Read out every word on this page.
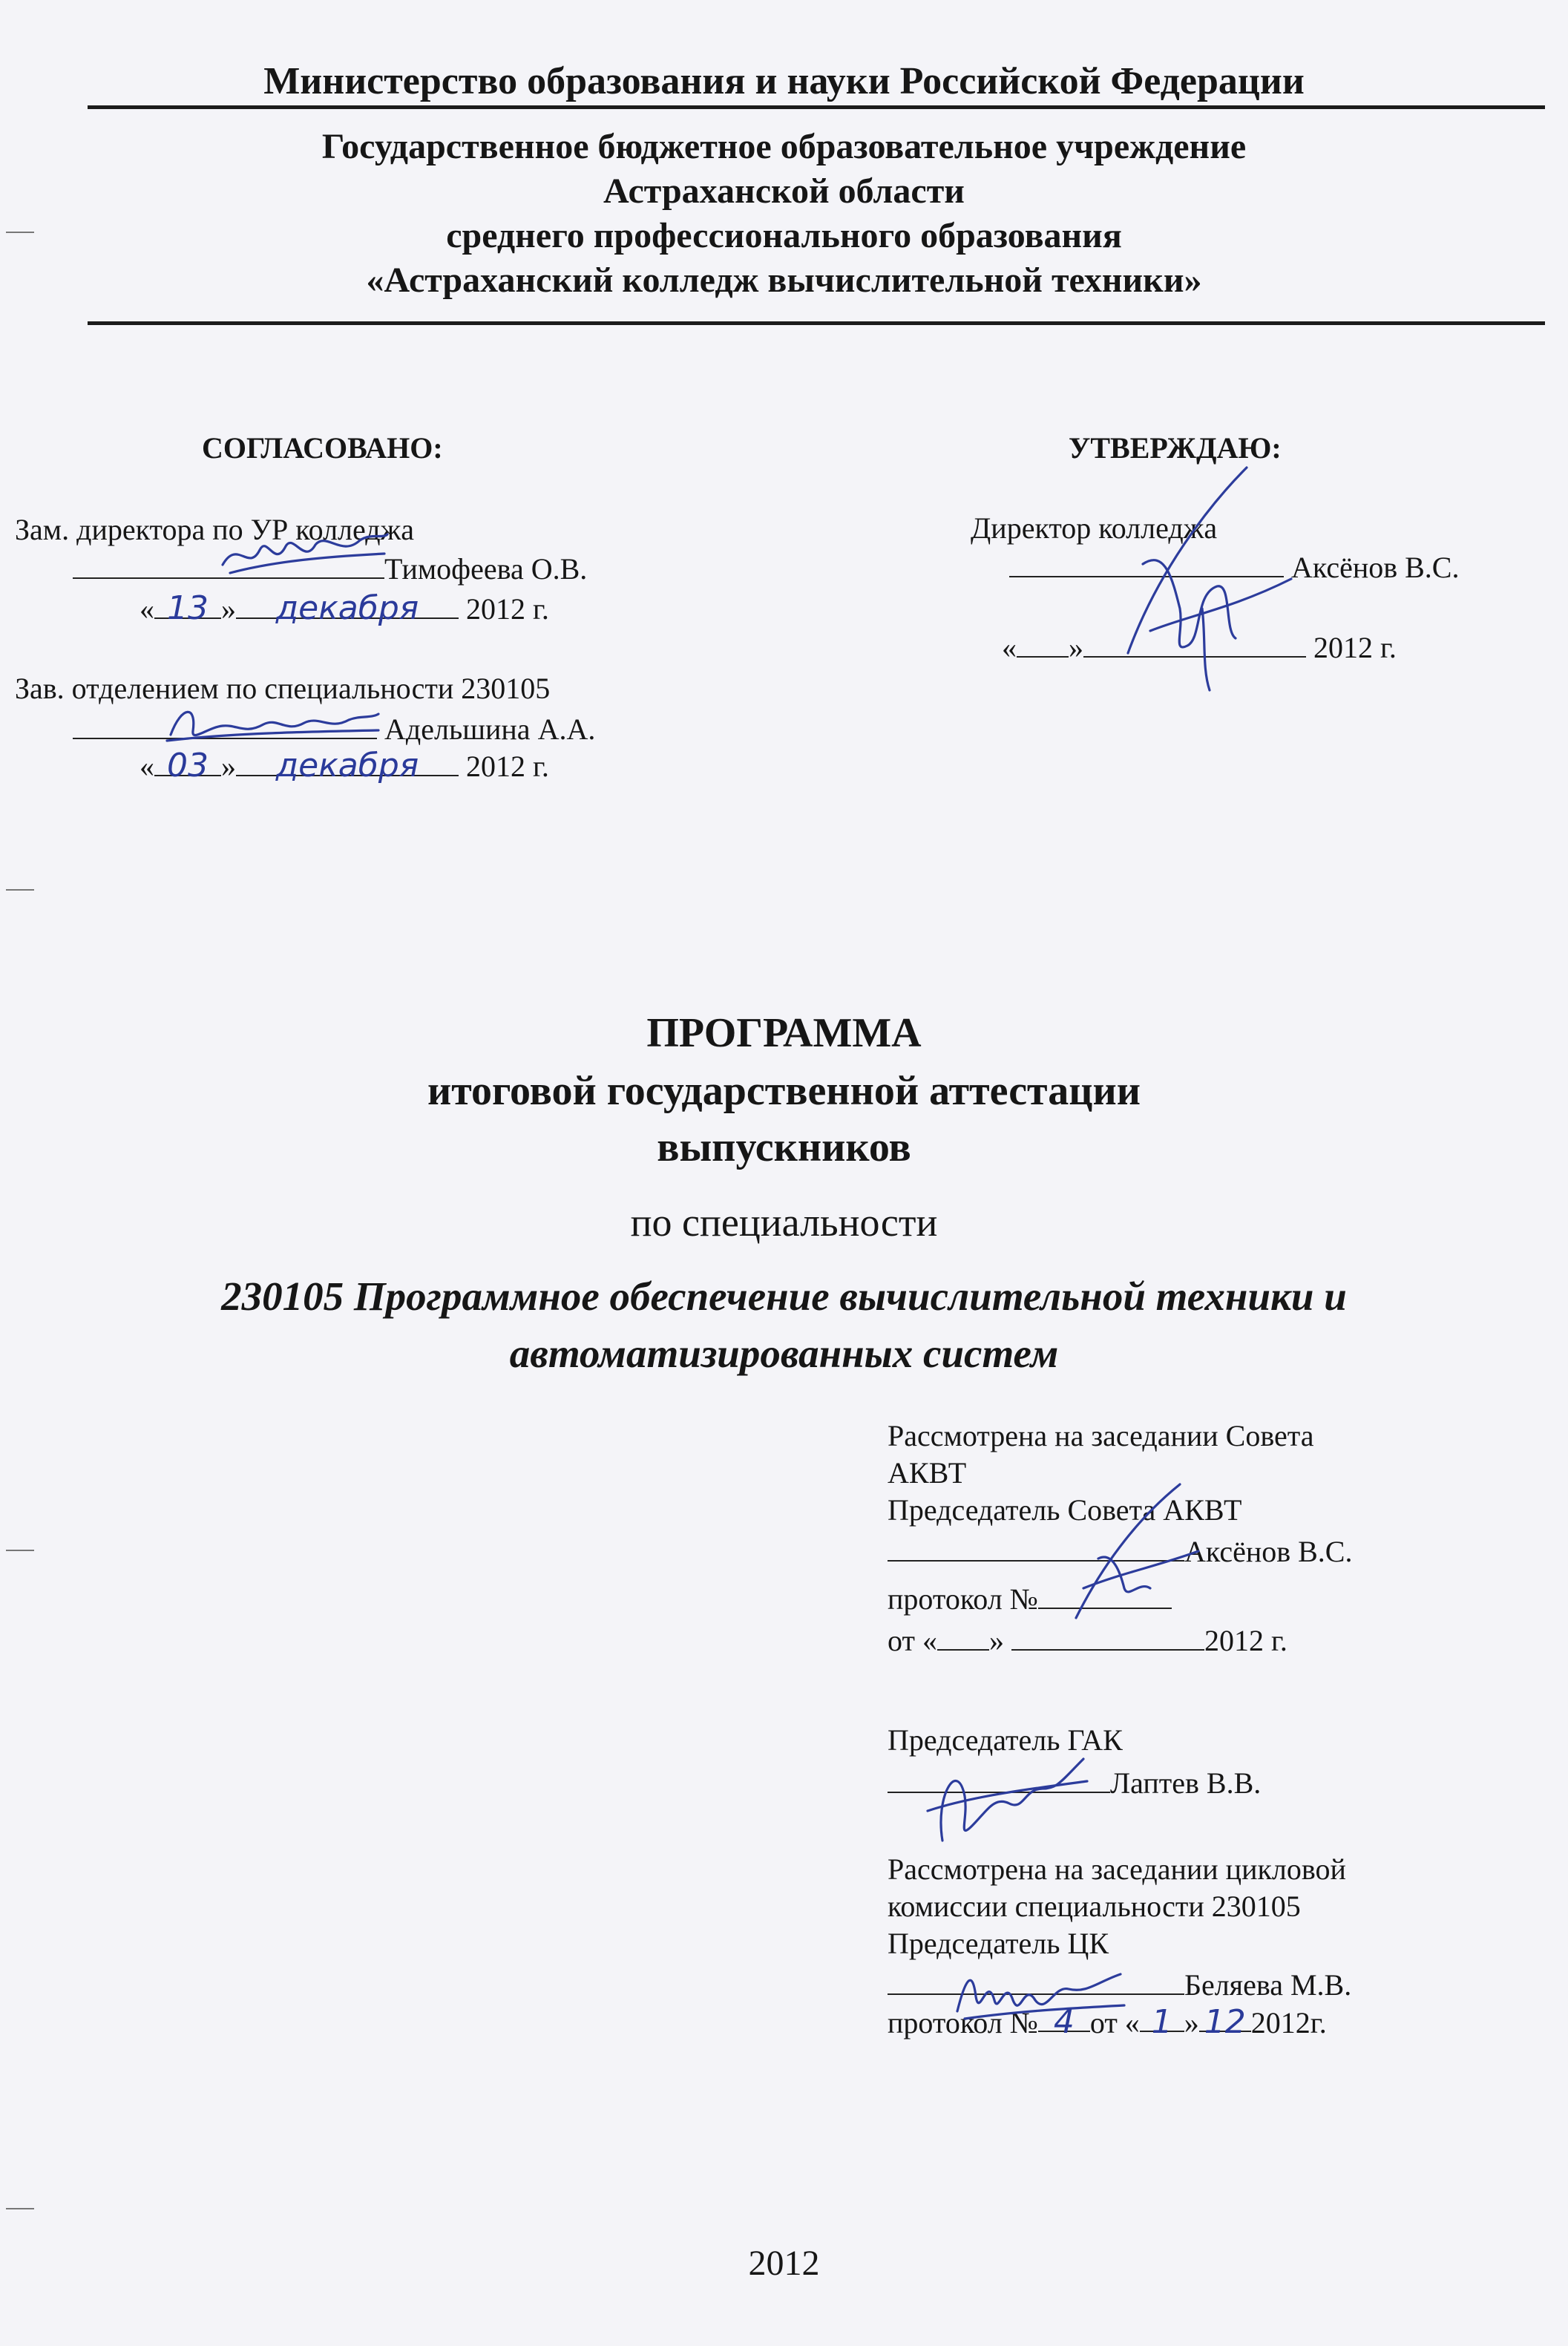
Министерство образования и науки Российской Федерации
Государственное бюджетное образовательное учреждение
Астраханской области
среднего профессионального образования
«Астраханский колледж вычислительной техники»
СОГЛАСОВАНО:
Зам. директора по УР колледжа
Тимофеева О.В.
« 13 » декабря 2012 г.
Зав. отделением по специальности 230105
Адельшина А.А.
« 03 » декабря 2012 г.
УТВЕРЖДАЮ:
Директор колледжа
Аксёнов В.С.
« »	2012 г.
ПРОГРАММА
итоговой государственной аттестации
выпускников
по специальности
230105 Программное обеспечение вычислительной техники и
автоматизированных систем
Рассмотрена на заседании Совета
АКВТ
Председатель Совета АКВТ
Аксёнов В.С.
протокол №
от « »	2012 г.
Председатель ГАК
Лаптев В.В.
Рассмотрена на заседании цикловой
комиссии специальности 230105
Председатель ЦК
Беляева М.В.
протокол № 4 от « 1 » 12 2012г.
2012
